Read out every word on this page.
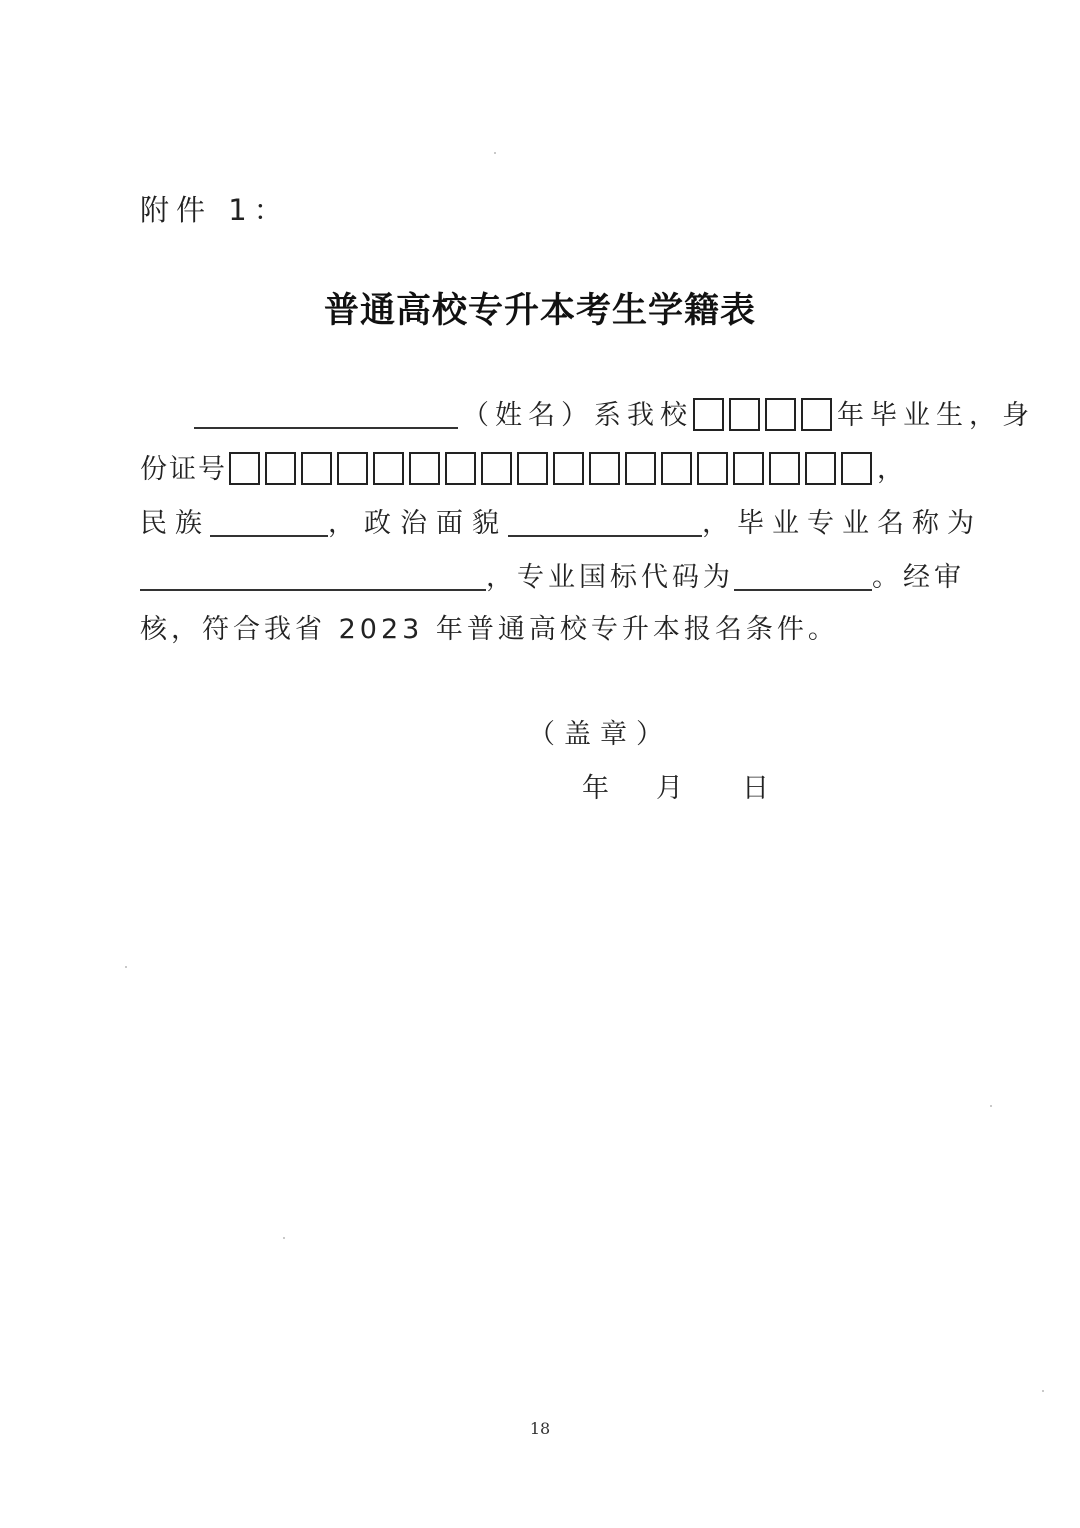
附件 1：
普通高校专升本考生学籍表
（姓名）系我校	年毕业生，身
份证号	，
民族	，政治面貌	，毕业专业名称为
，专业国标代码为	。经审
核，符合我省 2023 年普通高校专升本报名条件。
（盖章）
年 月 日
18
